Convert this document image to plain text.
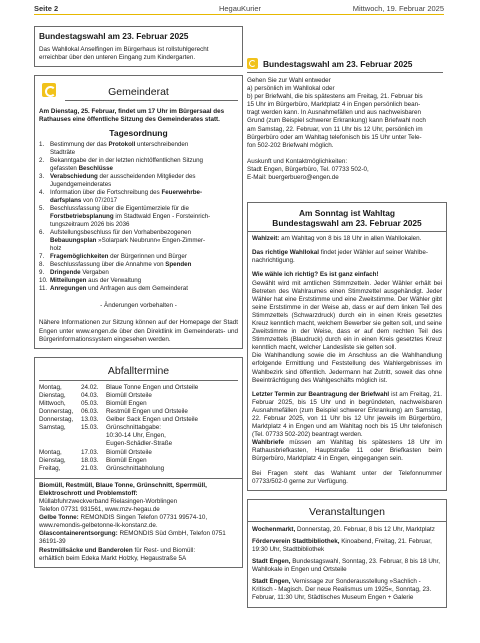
Seite 2	HegauKurier	Mittwoch, 19. Februar 2025
Bundestagswahl am 23. Februar 2025
Das Wahllokal Anselfingen im Bürgerhaus ist rollstuhlgerecht erreichbar über den unteren Eingang zum Kindergarten.
Gemeinderat
Am Dienstag, 25. Februar, findet um 17 Uhr im Bürgersaal des Rathauses eine öffentliche Sitzung des Gemeinderates statt.
Tagesordnung
1. Bestimmung der das Protokoll unterschreibenden
Stadträte
2. Bekanntgabe der in der letzten nichtöffentlichen Sitzung
gefassten Beschlüsse
3. Verabschiedung der ausscheidenden Mitglieder des
Jugendgemeinderates
4. Information über die Fortschreibung des Feuerwehrbe-
darfsplans von 07/2017
5. Beschlussfassung über die Eigentümerziele für die
Forstbetriebsplanung im Stadtwald Engen - Forsteinrich-
tungszeitraum 2026 bis 2036
6. Aufstellungsbeschluss für den Vorhabenbezogenen
Bebauungsplan »Solarpark Neubrunn« Engen-Zimmer-
holz
7. Fragemöglichkeiten der Bürgerinnen und Bürger
8. Beschlussfassung über die Annahme von Spenden
9. Dringende Vergaben
10. Mitteilungen aus der Verwaltung
11. Anregungen und Anfragen aus dem Gemeinderat
- Änderungen vorbehalten -
Nähere Informationen zur Sitzung können auf der Homepage der Stadt Engen unter www.engen.de über den Direktlink im Gemeinderats- und Bürgerinformationssystem eingesehen werden.
Abfalltermine
Montag,	24.02.	Blaue Tonne Engen und Ortsteile
Dienstag,	04.03.	Biomüll Ortsteile
Mittwoch,	05.03.	Biomüll Engen
Donnerstag,	06.03.	Restmüll Engen und Ortsteile
Donnerstag,	13.03.	Gelber Sack Engen und Ortsteile
Samstag,	15.03.	Grünschnittabgabe:
10:30-14 Uhr, Engen,
Eugen-Schädler-Straße
Montag,	17.03.	Biomüll Ortsteile
Dienstag,	18.03.	Biomüll Engen
Freitag,	21.03.	Grünschnittabholung
Biomüll, Restmüll, Blaue Tonne, Grünschnitt, Sperrmüll,
Elektroschrott und Problemstoff:
Müllabfuhrzweckverband Rielasingen-Worblingen
Telefon 07731 931561, www.mzv-hegau.de
Gelbe Tonne: REMONDIS Singen Telefon 07731 99574-10,
www.remondis-gelbetonne-lk-konstanz.de.
Glascontainerentsorgung: REMONDIS Süd GmbH, Telefon 0751
36191-39
Restmüllsäcke und Banderolen für Rest- und Biomüll:
erhältlich beim Edeka Markt Holzky, Hegaustraße 5A
Bundestagswahl am 23. Februar 2025
Gehen Sie zur Wahl entweder
a) persönlich im Wahllokal oder
b) per Briefwahl, die bis spätestens am Freitag, 21. Februar bis
15 Uhr im Bürgerbüro, Marktplatz 4 in Engen persönlich bean-
tragt werden kann. In Ausnahmefällen und aus nachweisbaren
Grund (zum Beispiel schwerer Erkrankung) kann Briefwahl noch
am Samstag, 22. Februar, von 11 Uhr bis 12 Uhr, persönlich im
Bürgerbüro oder am Wahltag telefonisch bis 15 Uhr unter Tele-
fon 502-202 Briefwahl möglich.
Auskunft und Kontaktmöglichkeiten:
Stadt Engen, Bürgerbüro, Tel. 07733 502-0,
E-Mail: buergerbuero@engen.de
Am Sonntag ist Wahltag
Bundestagswahl am 23. Februar 2025
Wahlzeit: am Wahltag von 8 bis 18 Uhr in allen Wahllokalen.
Das richtige Wahllokal findet jeder Wähler auf seiner Wahlbe-nachrichtigung.
Wie wähle ich richtig? Es ist ganz einfach!
Gewählt wird mit amtlichen Stimmzetteln. Jeder Wähler erhält bei Betreten des Wahlraumes einen Stimmzettel ausgehändigt. Jeder Wähler hat eine Erststimme und eine Zweitstimme. Der Wähler gibt seine Erststimme in der Weise ab, dass er auf dem linken Teil des Stimmzettels (Schwarzdruck) durch ein in einen Kreis gesetztes Kreuz kenntlich macht, welchem Bewerber sie gelten soll, und seine Zweitstimme in der Weise, dass er auf dem rechten Teil des Stimmzettels (Blaudruck) durch ein in einen Kreis gesetztes Kreuz kenntlich macht, welcher Landesliste sie gelten soll.
Die Wahlhandlung sowie die im Anschluss an die Wahlhandlung erfolgende Ermittlung und Feststellung des Wahlergebnisses im Wahlbezirk sind öffentlich. Jedermann hat Zutritt, soweit das ohne Beeinträchtigung des Wahlgeschäfts möglich ist.
Letzter Termin zur Beantragung der Briefwahl ist am Freitag, 21. Februar 2025, bis 15 Uhr und in begründeten, nachweisbaren Ausnahmefällen (zum Beispiel schwerer Erkrankung) am Samstag, 22. Februar 2025, von 11 Uhr bis 12 Uhr jeweils im Bürgerbüro, Marktplatz 4 in Engen und am Wahltag noch bis 15 Uhr telefonisch (Tel. 07733 502-202) beantragt werden.
Wahlbriefe müssen am Wahltag bis spätestens 18 Uhr im Rathausbriefkasten, Hauptstraße 11 oder Briefkasten beim Bürgerbüro, Marktplatz 4 in Engen, eingegangen sein.
Bei Fragen steht das Wahlamt unter der Telefonnummer 07733/502-0 gerne zur Verfügung.
Veranstaltungen
Wochenmarkt, Donnerstag, 20. Februar, 8 bis 12 Uhr, Marktplatz
Förderverein Stadtbibliothek, Kinoabend, Freitag, 21. Februar, 19:30 Uhr, Stadtbibliothek
Stadt Engen, Bundestagswahl, Sonntag, 23. Februar, 8 bis 18 Uhr, Wahllokale in Engen und Ortsteile
Stadt Engen, Vernissage zur Sonderausstellung »Sachlich - Kritisch - Magisch. Der neue Realismus um 1925«, Sonntag, 23. Februar, 11:30 Uhr, Städtisches Museum Engen + Galerie
